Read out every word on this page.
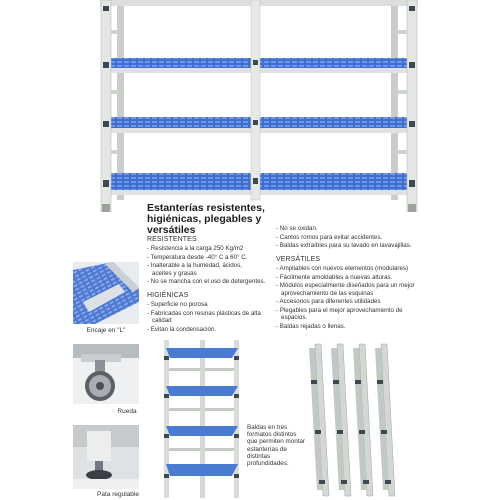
Estanterías resistentes, higiénicas, plegables y versátiles
RESISTENTES
- Resistencia a la carga 250 Kg/m2
- Temperatura desde -40° C a 60° C.
- Inalterable a la humedad, ácidos, aceites y grasas
- No se mancha con el uso de detergentes.
HIGIÉNICAS
- Superficie no porosa
- Fabricadas con resinas plásticas de alta calidad
- Evitan la condensación.
- No se oxidan.
- Cantos romos para evitar accidentes.
- Baldas extraíbles para su lavado en lavavajillas.
VERSÁTILES
- Ampliables con nuevos elementos (modulares)
- Fácilmente amoldables a nuevas alturas.
- Módulos especialmente diseñados para un mejor aprovechamiento de las esquinas
- Accesorios para diferentes utilidades
- Plegables para el mejor aprovechamiento de espacios.
- Baldas rejadas o llenas.
Encaje en "L"
Rueda
Pata regulable
Baldas en tres formatos distintos que permiten montar estanterías de distintas profundidades.
